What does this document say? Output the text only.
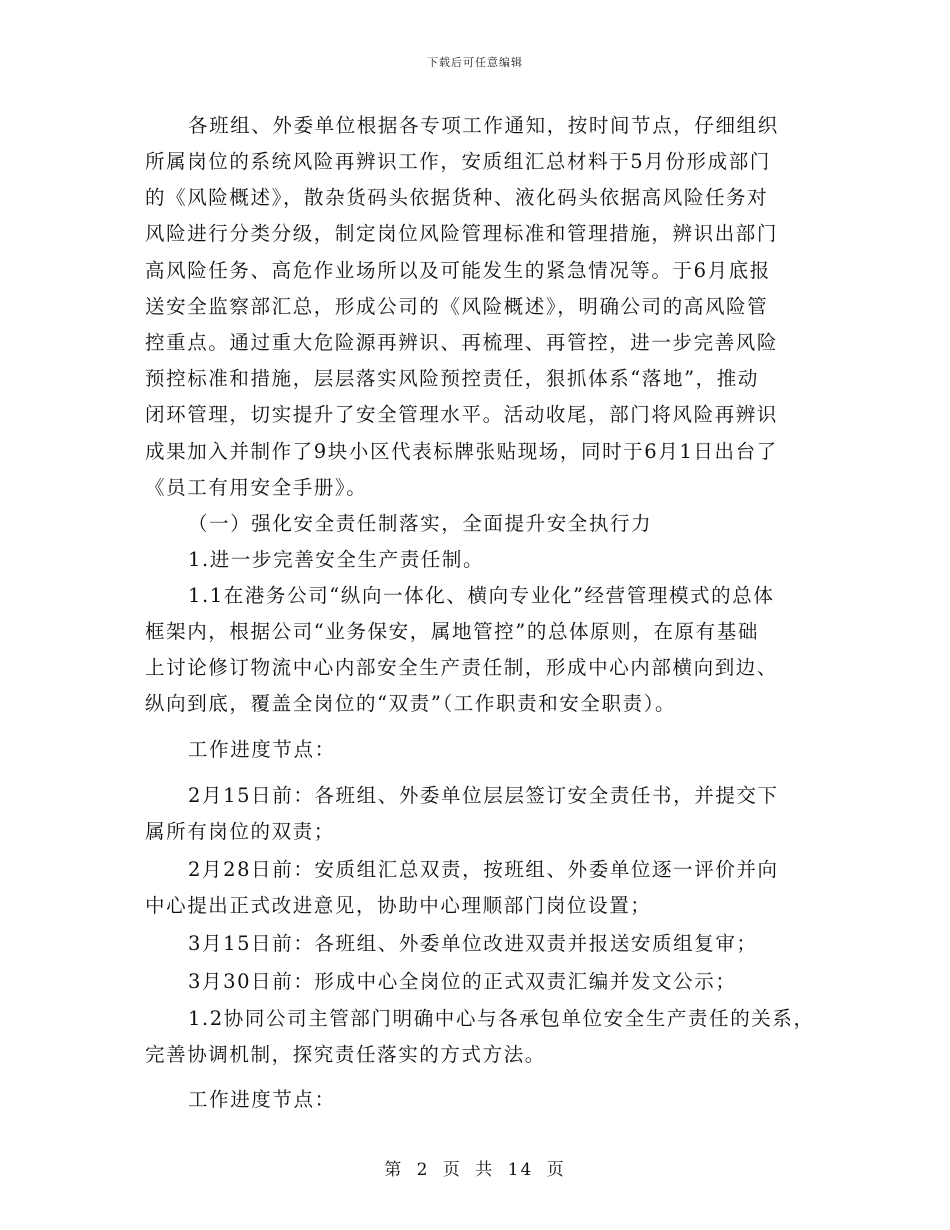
下载后可任意编辑
各班组、外委单位根据各专项工作通知，按时间节点，仔细组织
所属岗位的系统风险再辨识工作，安质组汇总材料于5月份形成部门
的《风险概述》，散杂货码头依据货种、液化码头依据高风险任务对
风险进行分类分级，制定岗位风险管理标准和管理措施，辨识出部门
高风险任务、高危作业场所以及可能发生的紧急情况等。于6月底报
送安全监察部汇总，形成公司的《风险概述》，明确公司的高风险管
控重点。通过重大危险源再辨识、再梳理、再管控，进一步完善风险
预控标准和措施，层层落实风险预控责任，狠抓体系“落地”，推动
闭环管理，切实提升了安全管理水平。活动收尾，部门将风险再辨识
成果加入并制作了9块小区代表标牌张贴现场，同时于6月1日出台了
《员工有用安全手册》。
（一）强化安全责任制落实，全面提升安全执行力
1.进一步完善安全生产责任制。
1.1在港务公司“纵向一体化、横向专业化”经营管理模式的总体
框架内，根据公司“业务保安，属地管控”的总体原则，在原有基础
上讨论修订物流中心内部安全生产责任制，形成中心内部横向到边、
纵向到底，覆盖全岗位的“双责”（工作职责和安全职责）。
工作进度节点：
2月15日前：各班组、外委单位层层签订安全责任书，并提交下
属所有岗位的双责；
2月28日前：安质组汇总双责，按班组、外委单位逐一评价并向
中心提出正式改进意见，协助中心理顺部门岗位设置；
3月15日前：各班组、外委单位改进双责并报送安质组复审；
3月30日前：形成中心全岗位的正式双责汇编并发文公示；
1.2协同公司主管部门明确中心与各承包单位安全生产责任的关系，
完善协调机制，探究责任落实的方式方法。
工作进度节点：
第 2 页 共 14 页
